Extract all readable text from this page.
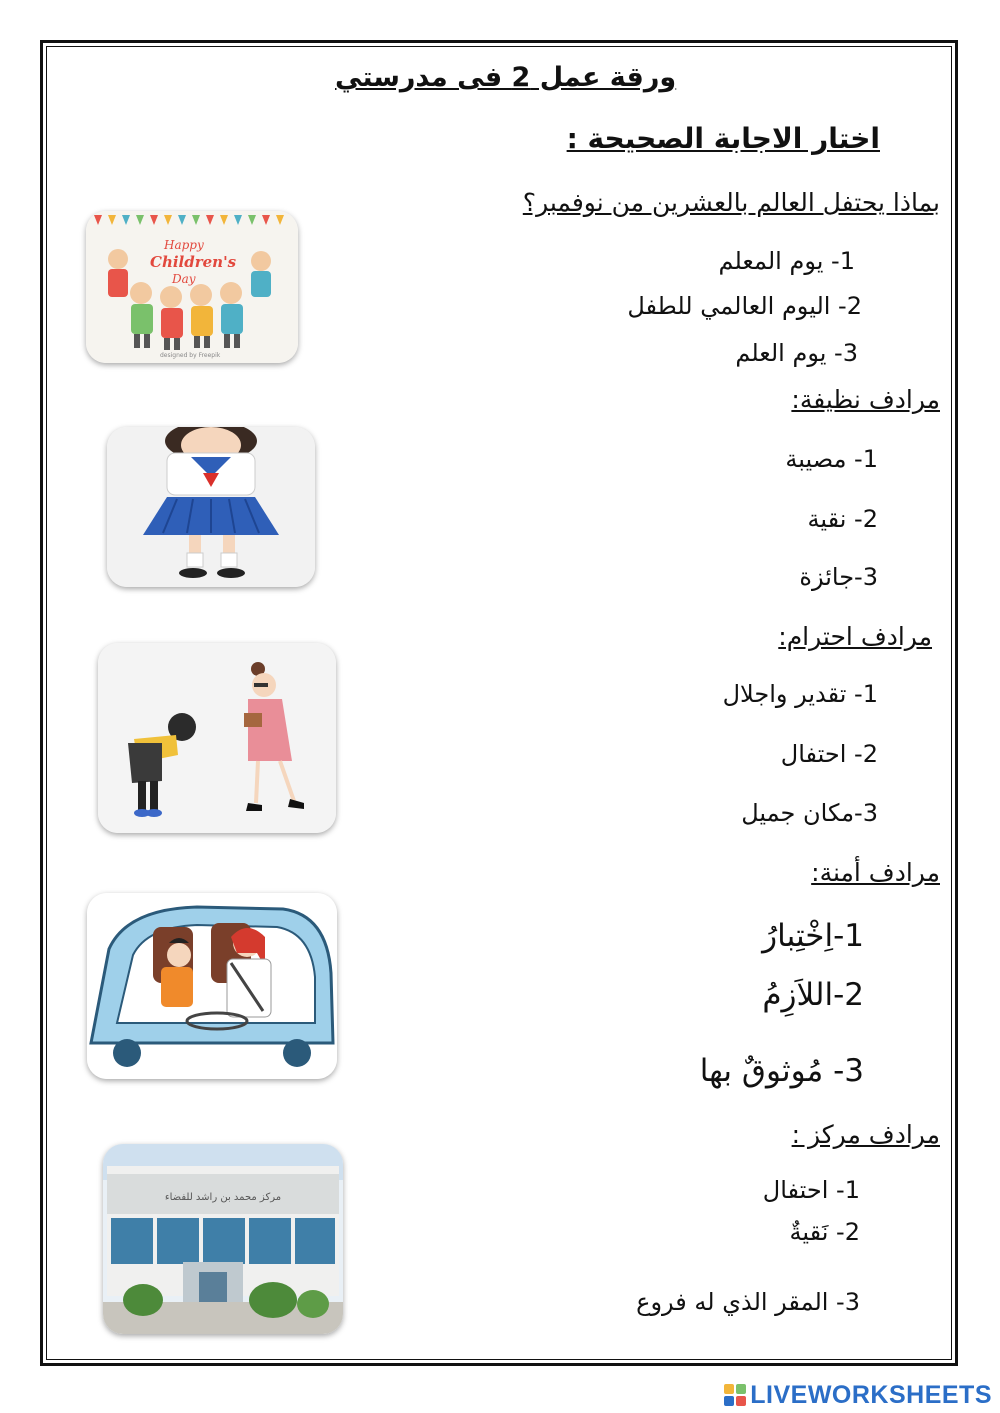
ورقة عمل 2 فى مدرستي
اختار الاجابة الصحيحة :
بماذا يحتفل العالم بالعشرين من نوفمبر؟
1- يوم المعلم
2- اليوم العالمي للطفل
3- يوم العلم
Happy
Children's
Day
designed by Freepik
مرادف نظيفة:
1- مصيبة
2- نقية
3-جائزة
مرادف احترام:
1- تقدير واجلال
2- احتفال
3-مكان جميل
مرادف أمنة:
1-اِخْتِبارُ
2-اللاَزِمُ
3- مُوثوقٌ بها
مرادف مركز :
1- احتفال
2- نَقيةٌ
3- المقر الذي له فروع
مركز محمد بن راشد للفضاء
LIVEWORKSHEETS
